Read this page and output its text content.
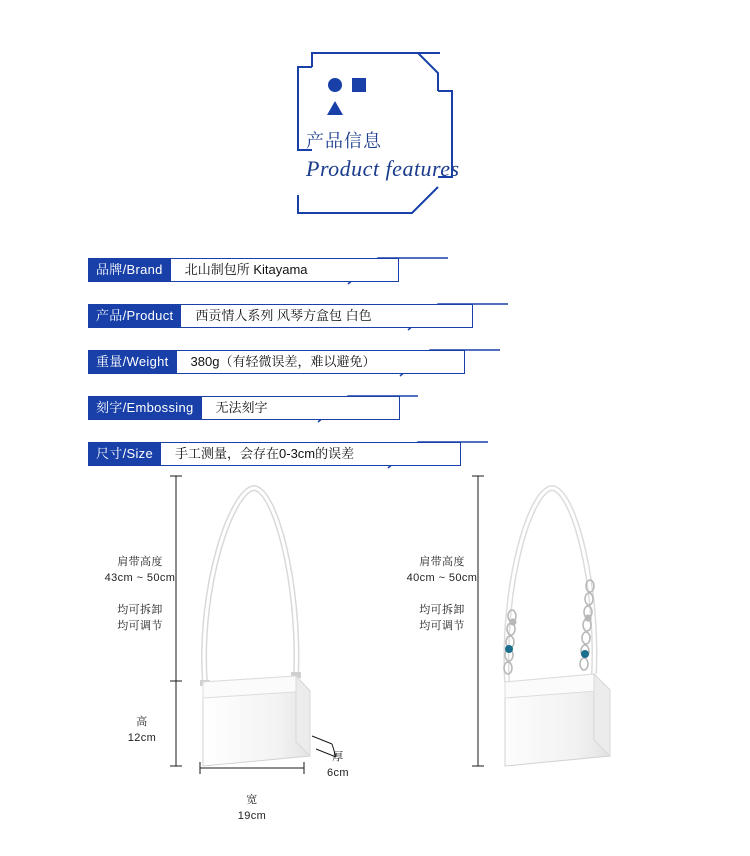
产品信息
Product features
品牌/Brand	北山制包所 Kitayama
产品/Product	西贡情人系列 风琴方盒包 白色
重量/Weight	380g（有轻微误差，难以避免）
刻字/Embossing	无法刻字
尺寸/Size	手工测量，会存在0-3cm的误差
肩带高度
43cm ~ 50cm
均可拆卸
均可调节
高
12cm
宽
19cm
厚
6cm
肩带高度
40cm ~ 50cm
均可拆卸
均可调节
